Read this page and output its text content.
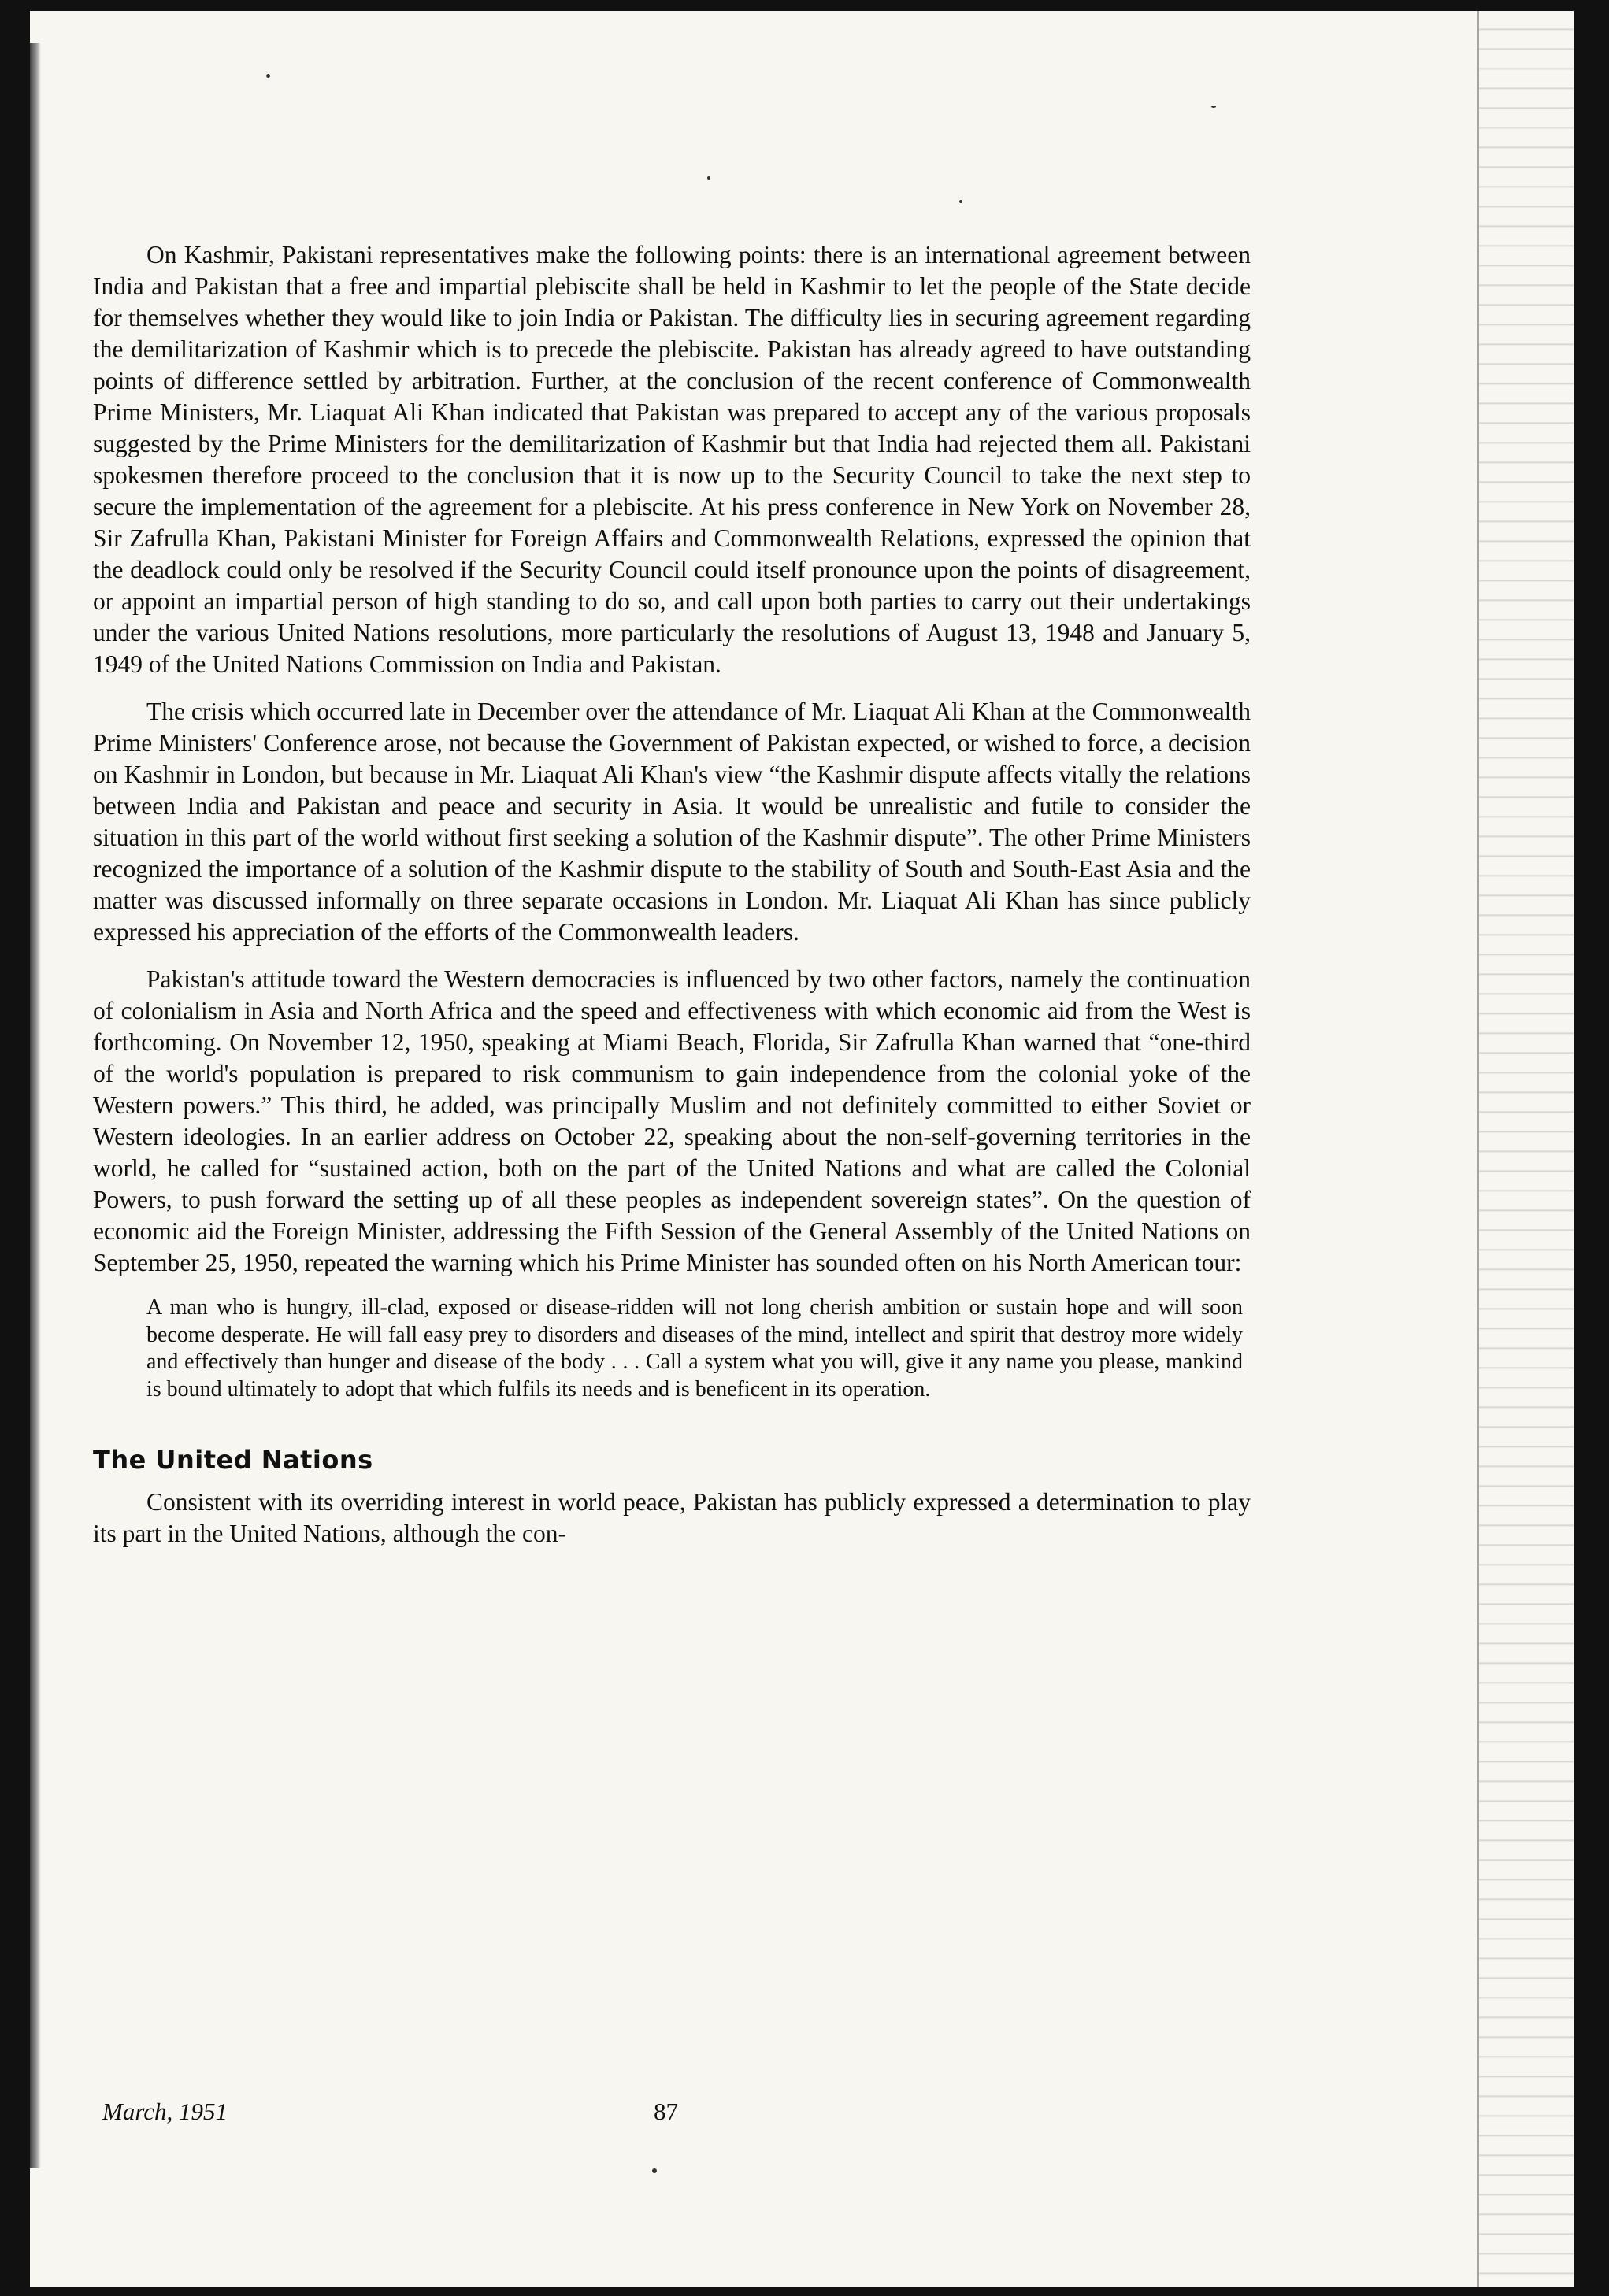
On Kashmir, Pakistani representatives make the following points: there is an international agreement between India and Pakistan that a free and impartial plebiscite shall be held in Kashmir to let the people of the State decide for themselves whether they would like to join India or Pakistan. The difficulty lies in securing agreement regarding the demilitarization of Kashmir which is to precede the plebiscite. Pakistan has already agreed to have outstanding points of difference settled by arbitration. Further, at the conclusion of the recent conference of Commonwealth Prime Ministers, Mr. Liaquat Ali Khan indicated that Pakistan was prepared to accept any of the various proposals suggested by the Prime Ministers for the demilitarization of Kashmir but that India had rejected them all. Pakistani spokesmen therefore proceed to the conclusion that it is now up to the Security Council to take the next step to secure the implementation of the agreement for a plebiscite. At his press conference in New York on November 28, Sir Zafrulla Khan, Pakistani Minister for Foreign Affairs and Commonwealth Relations, expressed the opinion that the deadlock could only be resolved if the Security Council could itself pronounce upon the points of disagreement, or appoint an impartial person of high standing to do so, and call upon both parties to carry out their undertakings under the various United Nations resolutions, more particularly the resolutions of August 13, 1948 and January 5, 1949 of the United Nations Commission on India and Pakistan.

The crisis which occurred late in December over the attendance of Mr. Liaquat Ali Khan at the Commonwealth Prime Ministers' Conference arose, not because the Government of Pakistan expected, or wished to force, a decision on Kashmir in London, but because in Mr. Liaquat Ali Khan's view “the Kashmir dispute affects vitally the relations between India and Pakistan and peace and security in Asia. It would be unrealistic and futile to consider the situation in this part of the world without first seeking a solution of the Kashmir dispute”. The other Prime Ministers recognized the importance of a solution of the Kashmir dispute to the stability of South and South-East Asia and the matter was discussed informally on three separate occasions in London. Mr. Liaquat Ali Khan has since publicly expressed his appreciation of the efforts of the Commonwealth leaders.

Pakistan's attitude toward the Western democracies is influenced by two other factors, namely the continuation of colonialism in Asia and North Africa and the speed and effectiveness with which economic aid from the West is forthcoming. On November 12, 1950, speaking at Miami Beach, Florida, Sir Zafrulla Khan warned that “one-third of the world's population is prepared to risk communism to gain independence from the colonial yoke of the Western powers.” This third, he added, was principally Muslim and not definitely committed to either Soviet or Western ideologies. In an earlier address on October 22, speaking about the non-self-governing territories in the world, he called for “sustained action, both on the part of the United Nations and what are called the Colonial Powers, to push forward the setting up of all these peoples as independent sovereign states”. On the question of economic aid the Foreign Minister, addressing the Fifth Session of the General Assembly of the United Nations on September 25, 1950, repeated the warning which his Prime Minister has sounded often on his North American tour:

A man who is hungry, ill-clad, exposed or disease-ridden will not long cherish ambition or sustain hope and will soon become desperate. He will fall easy prey to disorders and diseases of the mind, intellect and spirit that destroy more widely and effectively than hunger and disease of the body . . . Call a system what you will, give it any name you please, mankind is bound ultimately to adopt that which fulfils its needs and is beneficent in its operation.

The United Nations

Consistent with its overriding interest in world peace, Pakistan has publicly expressed a determination to play its part in the United Nations, although the con-

March, 1951	87
